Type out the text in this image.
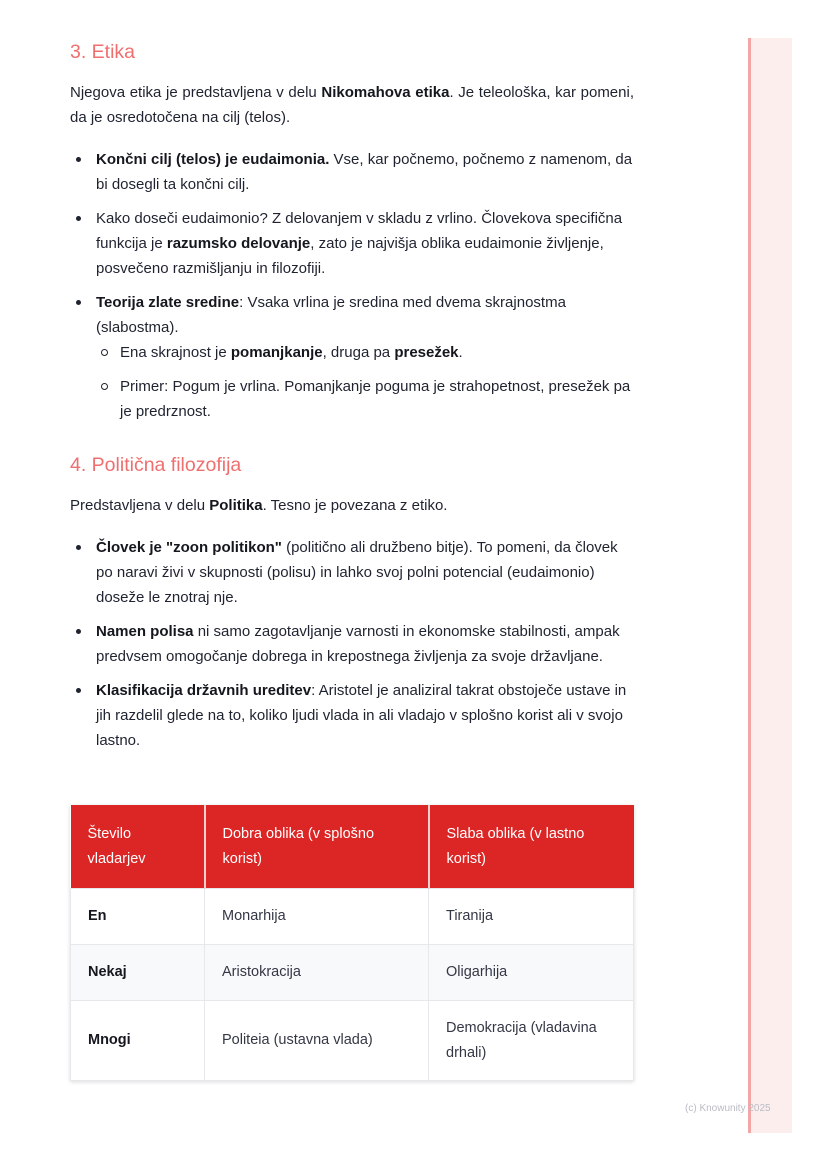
3. Etika

Njegova etika je predstavljena v delu Nikomahova etika. Je teleološka, kar pomeni, da je osredotočena na cilj (telos).

Končni cilj (telos) je eudaimonia. Vse, kar počnemo, počnemo z namenom, da bi dosegli ta končni cilj.
Kako doseči eudaimonio? Z delovanjem v skladu z vrlino. Človekova specifična funkcija je razumsko delovanje, zato je najvišja oblika eudaimonie življenje, posvečeno razmišljanju in filozofiji.
Teorija zlate sredine: Vsaka vrlina je sredina med dvema skrajnostma (slabostma).
Ena skrajnost je pomanjkanje, druga pa presežek.
Primer: Pogum je vrlina. Pomanjkanje poguma je strahopetnost, presežek pa je predrznost.
4. Politična filozofija

Predstavljena v delu Politika. Tesno je povezana z etiko.

Človek je "zoon politikon" (politično ali družbeno bitje). To pomeni, da človek po naravi živi v skupnosti (polisu) in lahko svoj polni potencial (eudaimonio) doseže le znotraj nje.
Namen polisa ni samo zagotavljanje varnosti in ekonomske stabilnosti, ampak predvsem omogočanje dobrega in krepostnega življenja za svoje državljane.
Klasifikacija državnih ureditev: Aristotel je analiziral takrat obstoječe ustave in jih razdelil glede na to, koliko ljudi vlada in ali vladajo v splošno korist ali v svojo lastno.
Število vladarjev	Dobra oblika (v splošno korist)	Slaba oblika (v lastno korist)
En	Monarhija	Tiranija
Nekaj	Aristokracija	Oligarhija
Mnogi	Politeia (ustavna vlada)	Demokracija (vladavina drhali)
(c) Knowunity 2025
